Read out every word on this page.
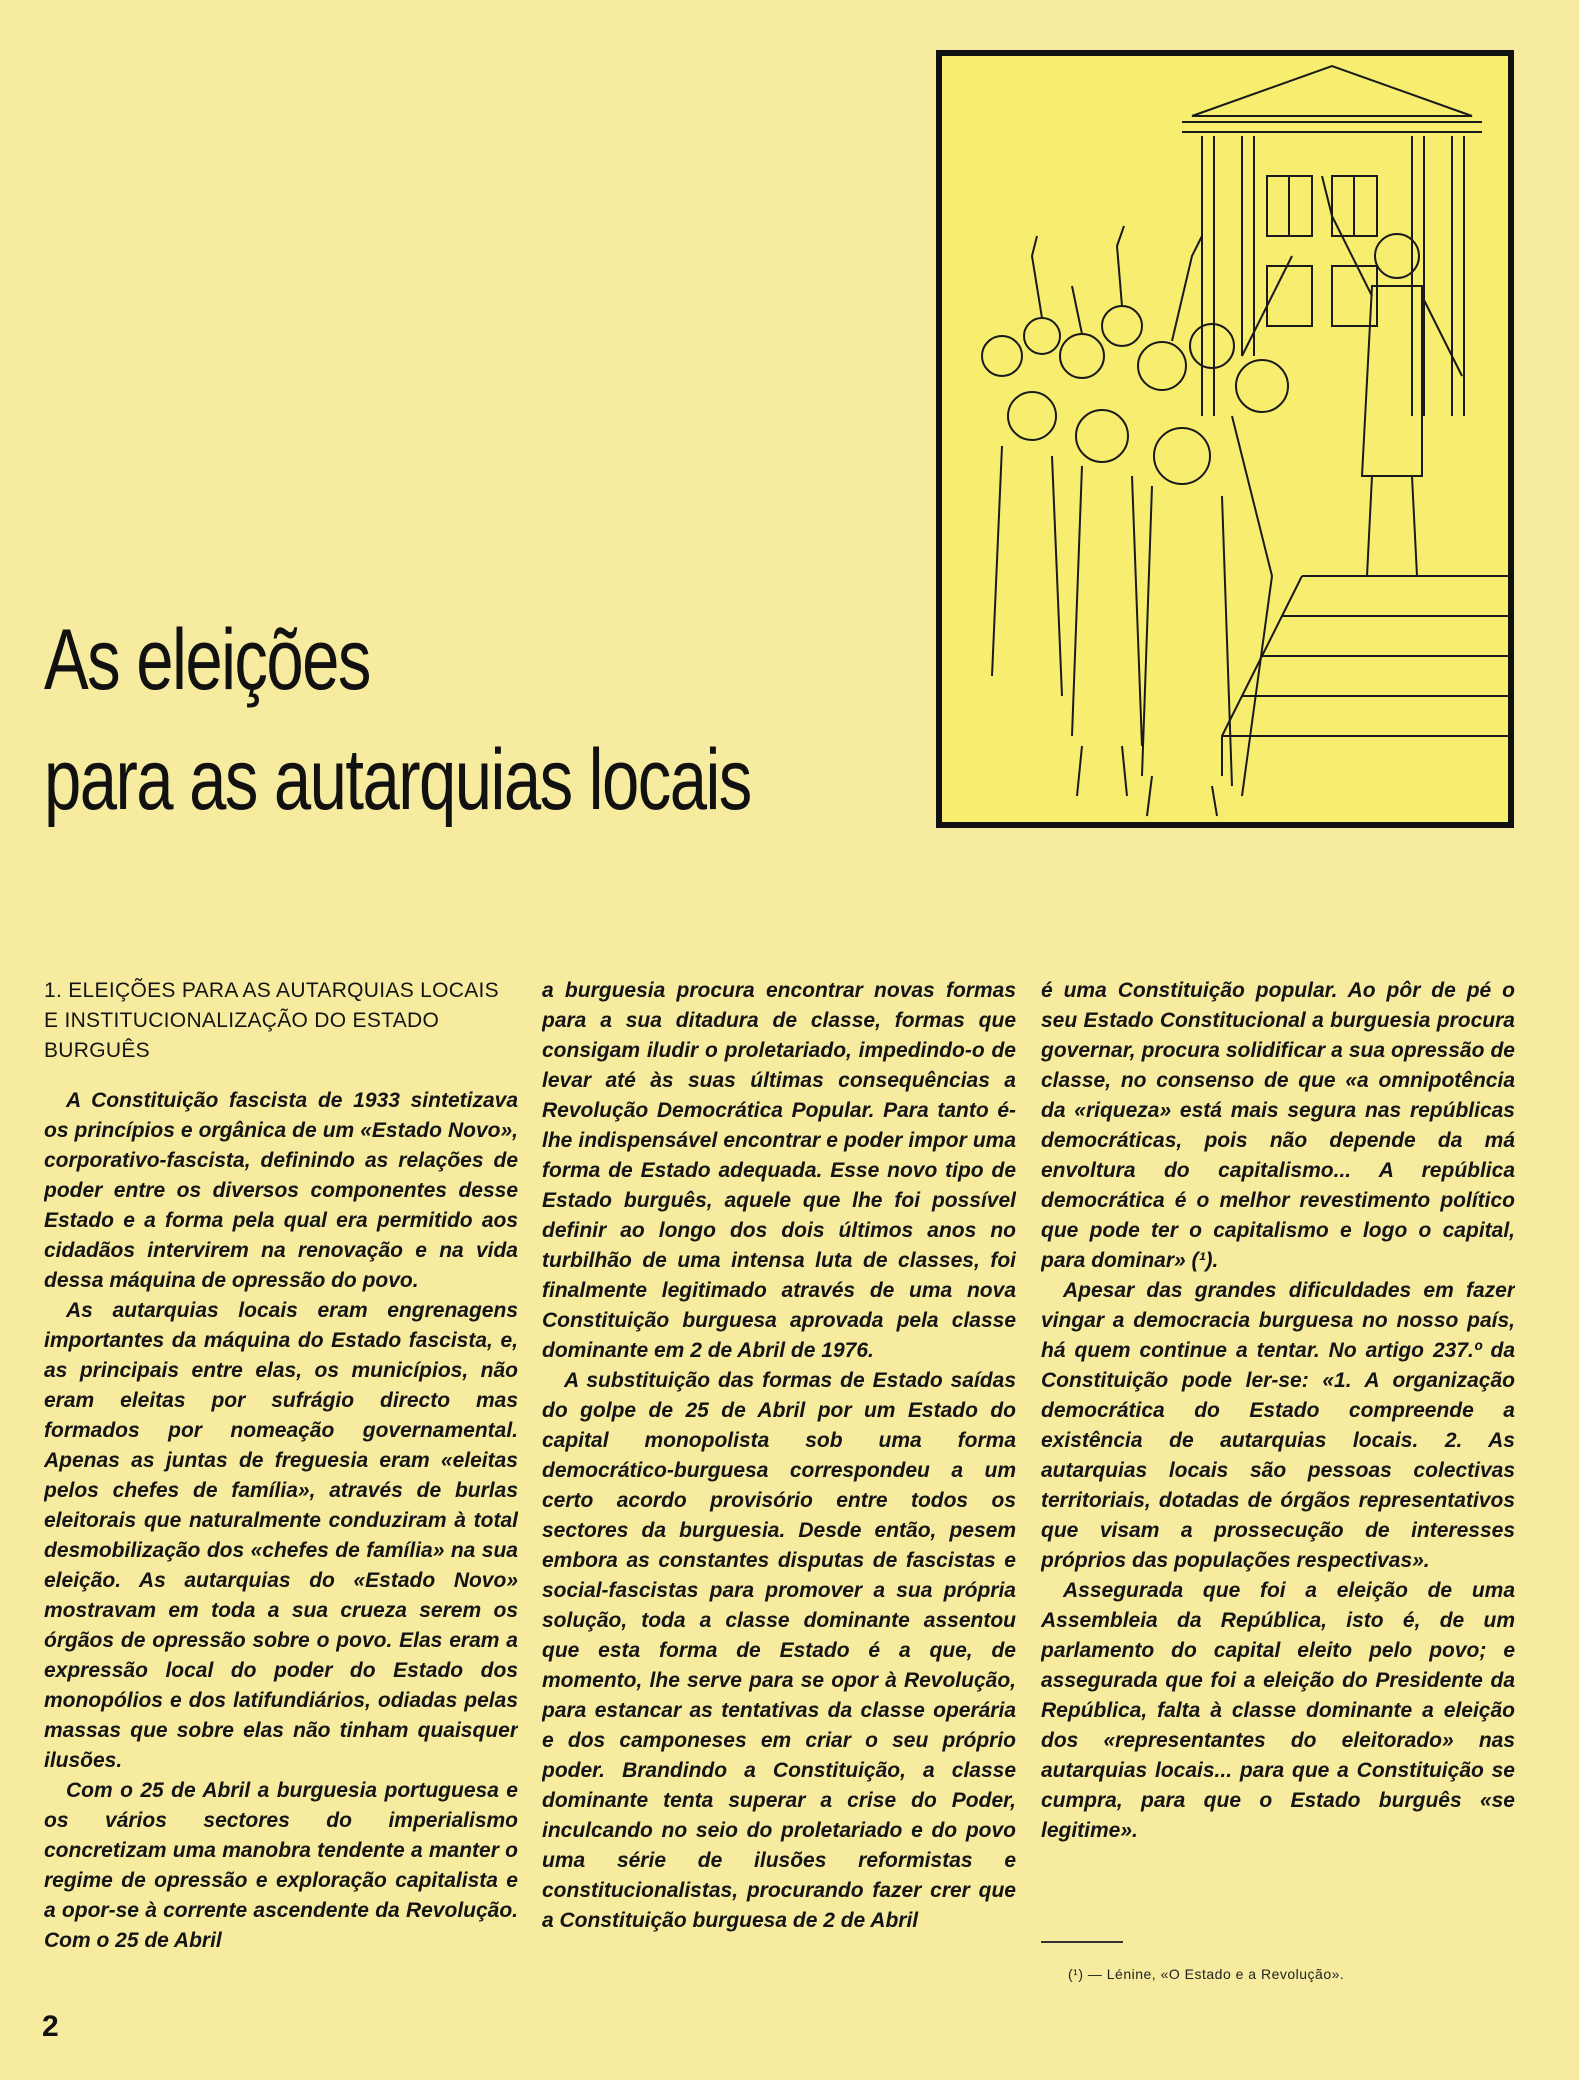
As eleições
para as autarquias locais
1. ELEIÇÕES PARA AS AUTARQUIAS LOCAIS E INSTITUCIONALIZAÇÃO DO ESTADO BURGUÊS

A Constituição fascista de 1933 sintetizava os princípios e orgânica de um «Estado Novo», corporativo-fascista, definindo as relações de poder entre os diversos componentes desse Estado e a forma pela qual era permitido aos cidadãos intervirem na renovação e na vida dessa máquina de opressão do povo.

As autarquias locais eram engrenagens importantes da máquina do Estado fascista, e, as principais entre elas, os municípios, não eram eleitas por sufrágio directo mas formados por nomeação governamental. Apenas as juntas de freguesia eram «eleitas pelos chefes de família», através de burlas eleitorais que naturalmente conduziram à total desmobilização dos «chefes de família» na sua eleição. As autarquias do «Estado Novo» mostravam em toda a sua crueza serem os órgãos de opressão sobre o povo. Elas eram a expressão local do poder do Estado dos monopólios e dos latifundiários, odiadas pelas massas que sobre elas não tinham quaisquer ilusões.

Com o 25 de Abril a burguesia portuguesa e os vários sectores do imperialismo concretizam uma manobra tendente a manter o regime de opressão e exploração capitalista e a opor-se à corrente ascendente da Revolução. Com o 25 de Abril

a burguesia procura encontrar novas formas para a sua ditadura de classe, formas que consigam iludir o proletariado, impedindo-o de levar até às suas últimas consequências a Revolução Democrática Popular. Para tanto é-lhe indispensável encontrar e poder impor uma forma de Estado adequada. Esse novo tipo de Estado burguês, aquele que lhe foi possível definir ao longo dos dois últimos anos no turbilhão de uma intensa luta de classes, foi finalmente legitimado através de uma nova Constituição burguesa aprovada pela classe dominante em 2 de Abril de 1976.

A substituição das formas de Estado saídas do golpe de 25 de Abril por um Estado do capital monopolista sob uma forma democrático-burguesa correspondeu a um certo acordo provisório entre todos os sectores da burguesia. Desde então, pesem embora as constantes disputas de fascistas e social-fascistas para promover a sua própria solução, toda a classe dominante assentou que esta forma de Estado é a que, de momento, lhe serve para se opor à Revolução, para estancar as tentativas da classe operária e dos camponeses em criar o seu próprio poder. Brandindo a Constituição, a classe dominante tenta superar a crise do Poder, inculcando no seio do proletariado e do povo uma série de ilusões reformistas e constitucionalistas, procurando fazer crer que a Constituição burguesa de 2 de Abril

é uma Constituição popular. Ao pôr de pé o seu Estado Constitucional a burguesia procura governar, procura solidificar a sua opressão de classe, no consenso de que «a omnipotência da «riqueza» está mais segura nas repúblicas democráticas, pois não depende da má envoltura do capitalismo... A república democrática é o melhor revestimento político que pode ter o capitalismo e logo o capital, para dominar» (¹).

Apesar das grandes dificuldades em fazer vingar a democracia burguesa no nosso país, há quem continue a tentar. No artigo 237.º da Constituição pode ler-se: «1. A organização democrática do Estado compreende a existência de autarquias locais. 2. As autarquias locais são pessoas colectivas territoriais, dotadas de órgãos representativos que visam a prossecução de interesses próprios das populações respectivas».

Assegurada que foi a eleição de uma Assembleia da República, isto é, de um parlamento do capital eleito pelo povo; e assegurada que foi a eleição do Presidente da República, falta à classe dominante a eleição dos «representantes do eleitorado» nas autarquias locais... para que a Constituição se cumpra, para que o Estado burguês «se legitime».

(¹) — Lénine, «O Estado e a Revolução».
2
